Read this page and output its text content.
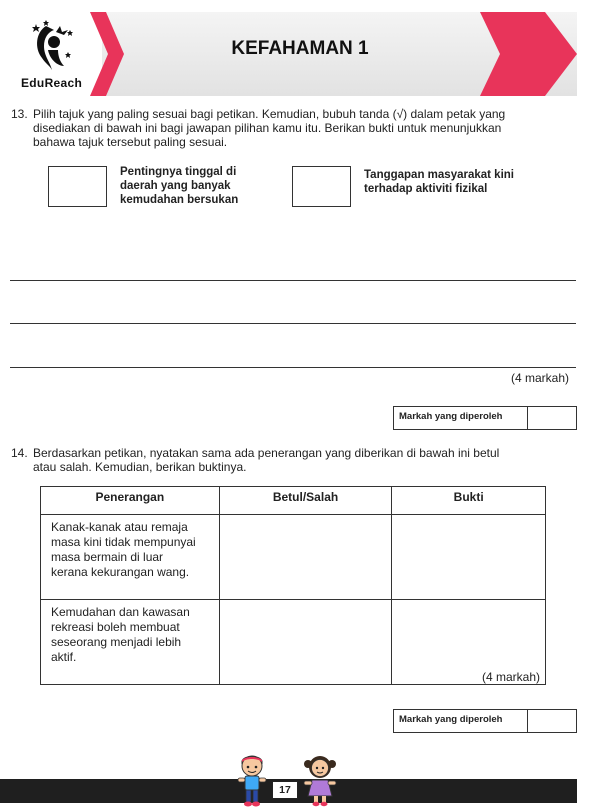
EduReach
KEFAHAMAN 1
13. Pilih tajuk yang paling sesuai bagi petikan. Kemudian, bubuh tanda (√) dalam petak yang
disediakan di bawah ini bagi jawapan pilihan kamu itu. Berikan bukti untuk menunjukkan
bahawa tajuk tersebut paling sesuai.
Pentingnya tinggal di
daerah yang banyak
kemudahan bersukan
Tanggapan masyarakat kini
terhadap aktiviti fizikal
(4 markah)
Markah yang diperoleh
14. Berdasarkan petikan, nyatakan sama ada penerangan yang diberikan di bawah ini betul
atau salah. Kemudian, berikan buktinya.
Penerangan	Betul/Salah	Bukti

Kanak-kanak atau remaja
masa kini tidak mempunyai
masa bermain di luar
kerana kekurangan wang.		

Kemudahan dan kawasan
rekreasi boleh membuat
seseorang menjadi lebih
aktif.		

(4 markah)
Markah yang diperoleh
17
